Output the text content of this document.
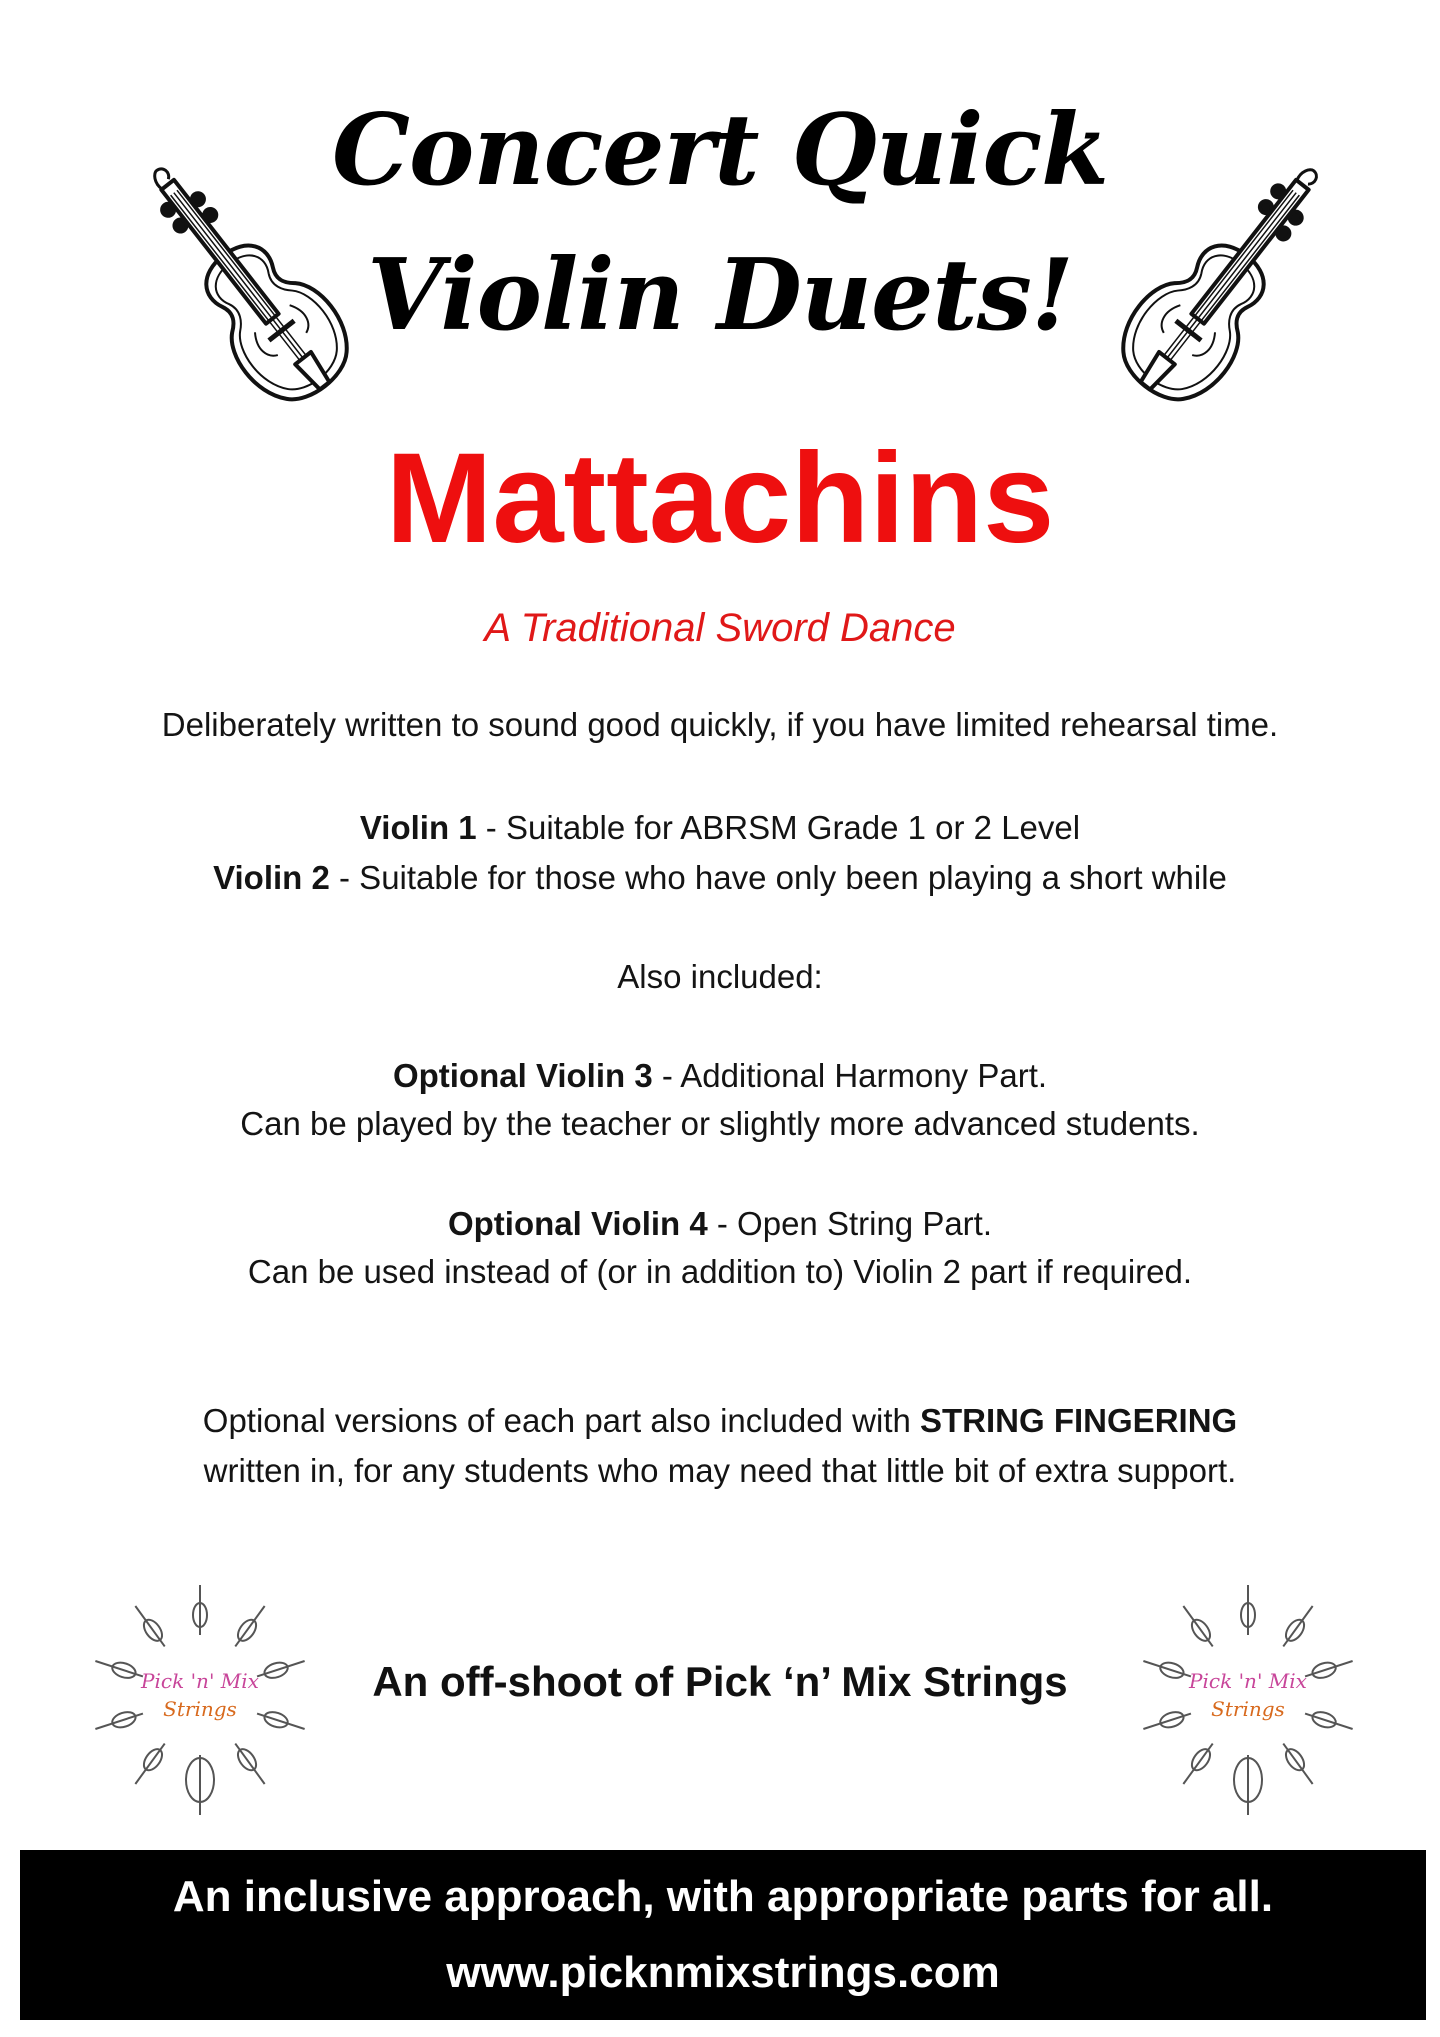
Concert Quick
Violin Duets!
Mattachins
A Traditional Sword Dance
Deliberately written to sound good quickly, if you have limited rehearsal time.
Violin 1 - Suitable for ABRSM Grade 1 or 2 Level
Violin 2 - Suitable for those who have only been playing a short while
Also included:
Optional Violin 3 - Additional Harmony Part.
Can be played by the teacher or slightly more advanced students.
Optional Violin 4 - Open String Part.
Can be used instead of (or in addition to) Violin 2 part if required.
Optional versions of each part also included with STRING FINGERING
written in, for any students who may need that little bit of extra support.
Pick 'n' Mix
Strings
Pick 'n' Mix
Strings
An off-shoot of Pick ‘n’ Mix Strings
An inclusive approach, with appropriate parts for all.
www.picknmixstrings.com
